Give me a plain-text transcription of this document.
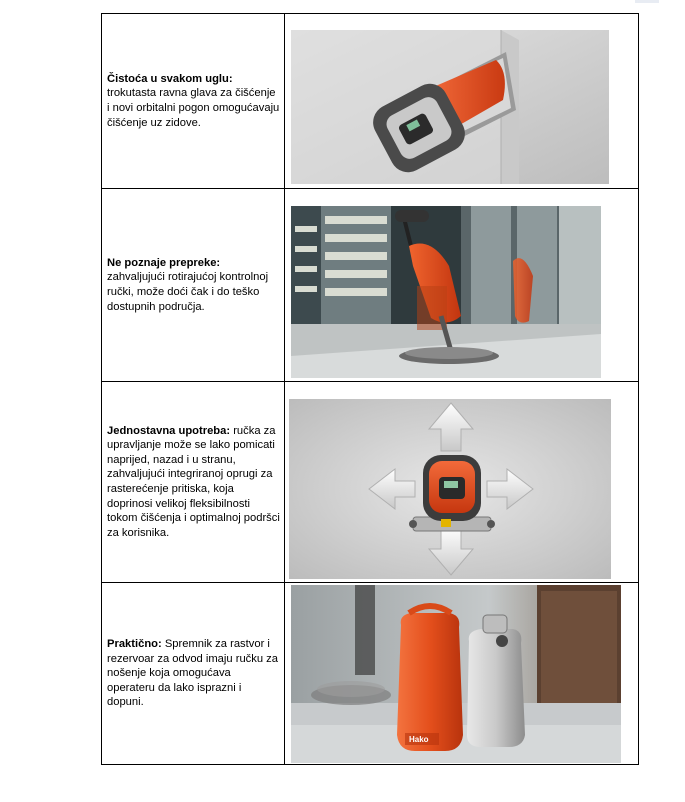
Čistoća u svakom uglu:
trokutasta ravna glava za čišćenje i novi orbitalni pogon omogućavaju čišćenje uz zidove.
Ne poznaje prepreke:
zahvaljujući rotirajućoj kontrolnoj ručki, može doći čak i do teško dostupnih područja.
Jednostavna upotreba: ručka za upravljanje može se lako pomicati naprijed, nazad i u stranu, zahvaljujući integriranoj oprugi za rasterećenje pritiska, koja doprinosi velikoj fleksibilnosti tokom čišćenja i optimalnoj podršci za korisnika.
Praktično: Spremnik za rastvor i rezervoar za odvod imaju ručku za nošenje koja omogućava operateru da lako isprazni i dopuni.
Hako
